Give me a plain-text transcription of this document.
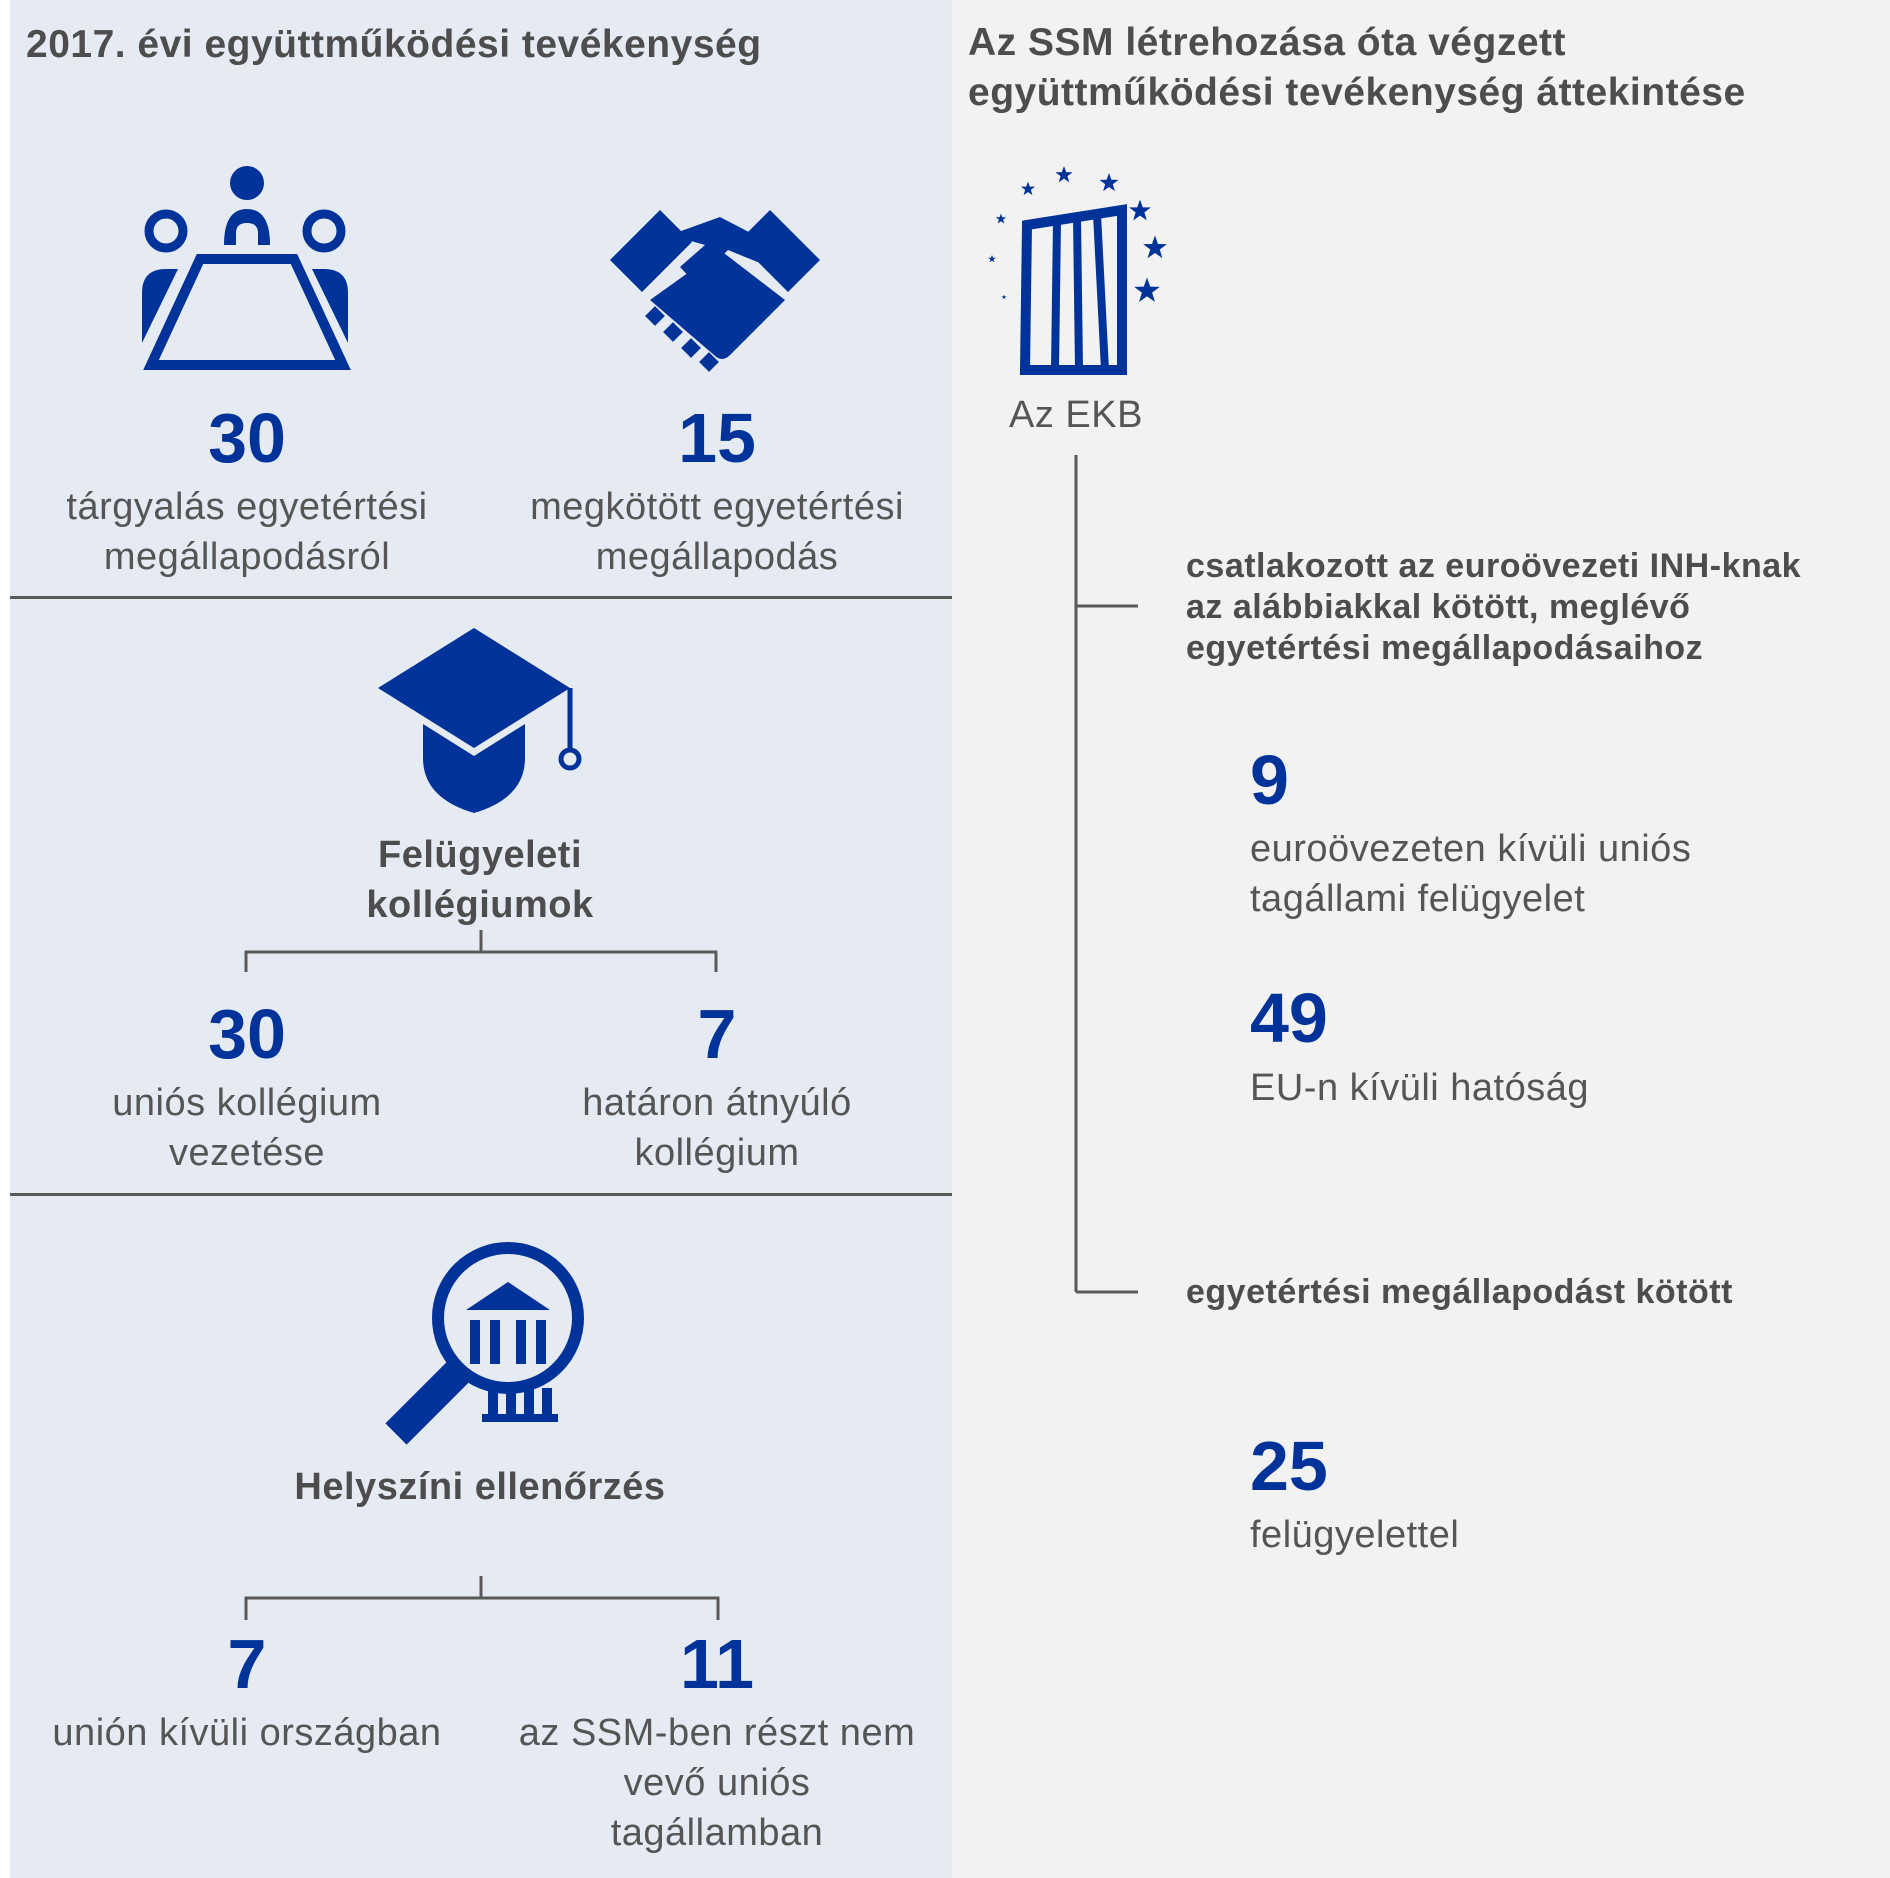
2017. évi együttműködési tevékenység
30
tárgyalás egyetértési
megállapodásról
15
megkötött egyetértési
megállapodás
Felügyeleti
kollégiumok
30
uniós kollégium
vezetése
7
határon átnyúló
kollégium
Helyszíni ellenőrzés
7
unión kívüli országban
11
az SSM-ben részt nem
vevő uniós
tagállamban
Az SSM létrehozása óta végzett
együttműködési tevékenység áttekintése
Az EKB
csatlakozott az euroövezeti INH-knak
az alábbiakkal kötött, meglévő
egyetértési megállapodásaihoz
9
euroövezeten kívüli uniós
tagállami felügyelet
49
EU-n kívüli hatóság
egyetértési megállapodást kötött
25
felügyelettel
